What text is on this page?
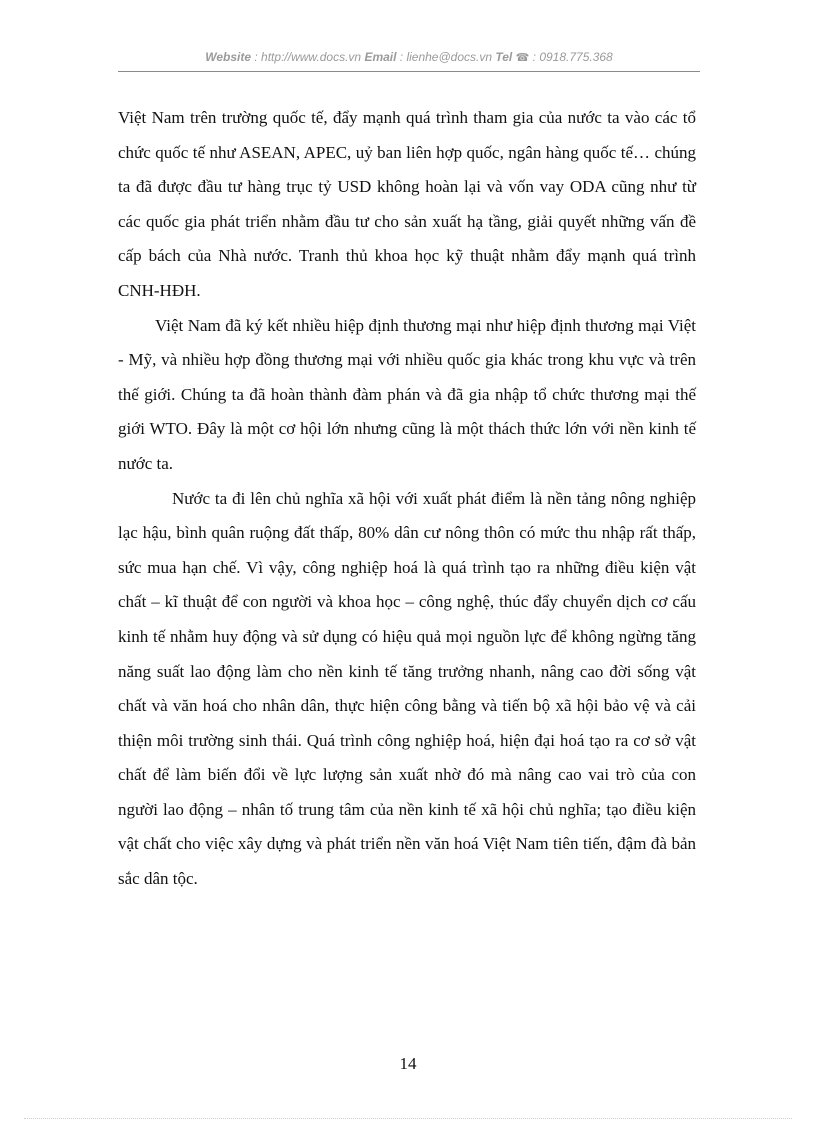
Website : http://www.docs.vn Email : lienhe@docs.vn Tel ☎ : 0918.775.368

Việt Nam trên trường quốc tế, đẩy mạnh quá trình tham gia của nước ta vào các tổ chức quốc tế như ASEAN, APEC, uỷ ban liên hợp quốc, ngân hàng quốc tế… chúng ta đã được đầu tư hàng trục tỷ USD không hoàn lại và vốn vay ODA cũng như từ các quốc gia phát triển nhằm đầu tư cho sản xuất hạ tầng, giải quyết những vấn đề cấp bách của Nhà nước. Tranh thủ khoa học kỹ thuật nhằm đẩy mạnh quá trình CNH-HĐH.

Việt Nam đã ký kết nhiều hiệp định thương mại như hiệp định thương mại Việt - Mỹ, và nhiều hợp đồng thương mại với nhiều quốc gia khác trong khu vực và trên thế giới. Chúng ta đã hoàn thành đàm phán và đã gia nhập tổ chức thương mại thế giới WTO. Đây là một cơ hội lớn nhưng cũng là một thách thức lớn với nền kinh tế nước ta.

Nước ta đi lên chủ nghĩa xã hội với xuất phát điểm là nền tảng nông nghiệp lạc hậu, bình quân ruộng đất thấp, 80% dân cư nông thôn có mức thu nhập rất thấp, sức mua hạn chế. Vì vậy, công nghiệp hoá là quá trình tạo ra những điều kiện vật chất – kĩ thuật để con người và khoa học – công nghệ, thúc đẩy chuyển dịch cơ cấu kinh tế nhằm huy động và sử dụng có hiệu quả mọi nguồn lực để không ngừng tăng năng suất lao động làm cho nền kinh tế tăng trưởng nhanh, nâng cao đời sống vật chất và văn hoá cho nhân dân, thực hiện công bằng và tiến bộ xã hội bảo vệ và cải thiện môi trường sinh thái. Quá trình công nghiệp hoá, hiện đại hoá tạo ra cơ sở vật chất để làm biến đổi về lực lượng sản xuất nhờ đó mà nâng cao vai trò của con người lao động – nhân tố trung tâm của nền kinh tế xã hội chủ nghĩa; tạo điều kiện vật chất cho việc xây dựng và phát triển nền văn hoá Việt Nam tiên tiến, đậm đà bản sắc dân tộc.

14
